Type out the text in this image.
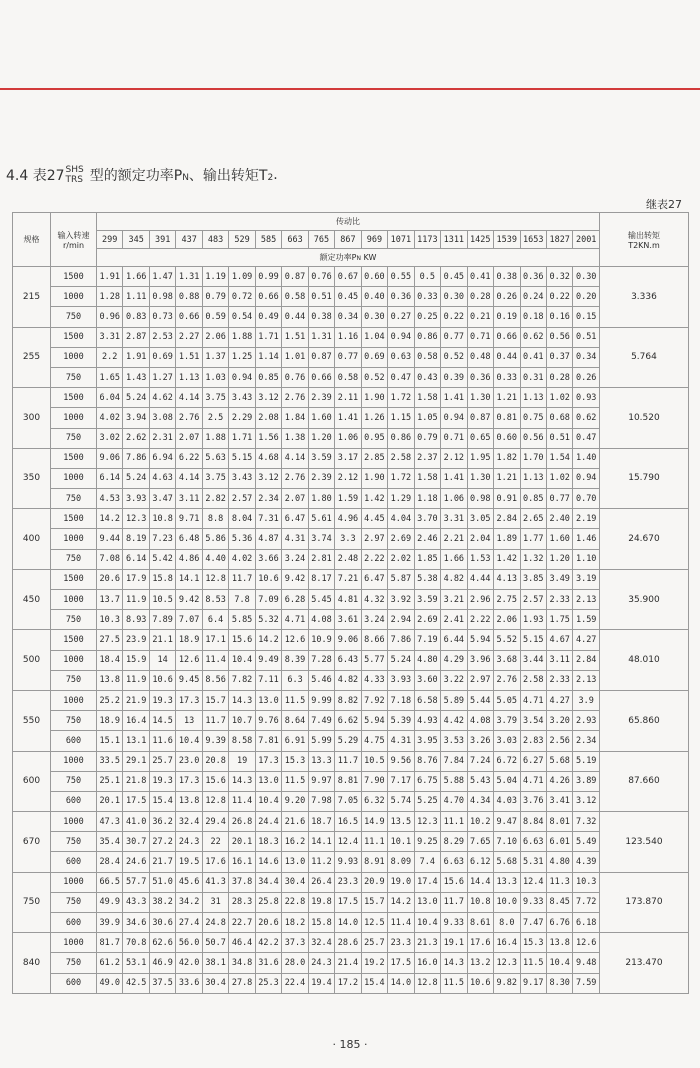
4.4 表27 SHS
TRS 型的额定功率P N 、输出转矩T 2 .
继表27
规格	输入转速
r/min	传动比																			输出转矩
T2KN.m
		299	345	391	437	483	529	585	663	765	867	969	1071	1173	1311	1425	1539	1653	1827	2001	
		额定功率PN KW																			
215	1500	1.91	1.66	1.47	1.31	1.19	1.09	0.99	0.87	0.76	0.67	0.60	0.55	0.5	0.45	0.41	0.38	0.36	0.32	0.30	3.336
	1000	1.28	1.11	0.98	0.88	0.79	0.72	0.66	0.58	0.51	0.45	0.40	0.36	0.33	0.30	0.28	0.26	0.24	0.22	0.20	
	750	0.96	0.83	0.73	0.66	0.59	0.54	0.49	0.44	0.38	0.34	0.30	0.27	0.25	0.22	0.21	0.19	0.18	0.16	0.15	
255	1500	3.31	2.87	2.53	2.27	2.06	1.88	1.71	1.51	1.31	1.16	1.04	0.94	0.86	0.77	0.71	0.66	0.62	0.56	0.51	5.764
	1000	2.2	1.91	0.69	1.51	1.37	1.25	1.14	1.01	0.87	0.77	0.69	0.63	0.58	0.52	0.48	0.44	0.41	0.37	0.34	
	750	1.65	1.43	1.27	1.13	1.03	0.94	0.85	0.76	0.66	0.58	0.52	0.47	0.43	0.39	0.36	0.33	0.31	0.28	0.26	
300	1500	6.04	5.24	4.62	4.14	3.75	3.43	3.12	2.76	2.39	2.11	1.90	1.72	1.58	1.41	1.30	1.21	1.13	1.02	0.93	10.520
	1000	4.02	3.94	3.08	2.76	2.5	2.29	2.08	1.84	1.60	1.41	1.26	1.15	1.05	0.94	0.87	0.81	0.75	0.68	0.62	
	750	3.02	2.62	2.31	2.07	1.88	1.71	1.56	1.38	1.20	1.06	0.95	0.86	0.79	0.71	0.65	0.60	0.56	0.51	0.47	
350	1500	9.06	7.86	6.94	6.22	5.63	5.15	4.68	4.14	3.59	3.17	2.85	2.58	2.37	2.12	1.95	1.82	1.70	1.54	1.40	15.790
	1000	6.14	5.24	4.63	4.14	3.75	3.43	3.12	2.76	2.39	2.12	1.90	1.72	1.58	1.41	1.30	1.21	1.13	1.02	0.94	
	750	4.53	3.93	3.47	3.11	2.82	2.57	2.34	2.07	1.80	1.59	1.42	1.29	1.18	1.06	0.98	0.91	0.85	0.77	0.70	
400	1500	14.2	12.3	10.8	9.71	8.8	8.04	7.31	6.47	5.61	4.96	4.45	4.04	3.70	3.31	3.05	2.84	2.65	2.40	2.19	24.670
	1000	9.44	8.19	7.23	6.48	5.86	5.36	4.87	4.31	3.74	3.3	2.97	2.69	2.46	2.21	2.04	1.89	1.77	1.60	1.46	
	750	7.08	6.14	5.42	4.86	4.40	4.02	3.66	3.24	2.81	2.48	2.22	2.02	1.85	1.66	1.53	1.42	1.32	1.20	1.10	
450	1500	20.6	17.9	15.8	14.1	12.8	11.7	10.6	9.42	8.17	7.21	6.47	5.87	5.38	4.82	4.44	4.13	3.85	3.49	3.19	35.900
	1000	13.7	11.9	10.5	9.42	8.53	7.8	7.09	6.28	5.45	4.81	4.32	3.92	3.59	3.21	2.96	2.75	2.57	2.33	2.13	
	750	10.3	8.93	7.89	7.07	6.4	5.85	5.32	4.71	4.08	3.61	3.24	2.94	2.69	2.41	2.22	2.06	1.93	1.75	1.59	
500	1500	27.5	23.9	21.1	18.9	17.1	15.6	14.2	12.6	10.9	9.06	8.66	7.86	7.19	6.44	5.94	5.52	5.15	4.67	4.27	48.010
	1000	18.4	15.9	14	12.6	11.4	10.4	9.49	8.39	7.28	6.43	5.77	5.24	4.80	4.29	3.96	3.68	3.44	3.11	2.84	
	750	13.8	11.9	10.6	9.45	8.56	7.82	7.11	6.3	5.46	4.82	4.33	3.93	3.60	3.22	2.97	2.76	2.58	2.33	2.13	
550	1000	25.2	21.9	19.3	17.3	15.7	14.3	13.0	11.5	9.99	8.82	7.92	7.18	6.58	5.89	5.44	5.05	4.71	4.27	3.9	65.860
	750	18.9	16.4	14.5	13	11.7	10.7	9.76	8.64	7.49	6.62	5.94	5.39	4.93	4.42	4.08	3.79	3.54	3.20	2.93	
	600	15.1	13.1	11.6	10.4	9.39	8.58	7.81	6.91	5.99	5.29	4.75	4.31	3.95	3.53	3.26	3.03	2.83	2.56	2.34	
600	1000	33.5	29.1	25.7	23.0	20.8	19	17.3	15.3	13.3	11.7	10.5	9.56	8.76	7.84	7.24	6.72	6.27	5.68	5.19	87.660
	750	25.1	21.8	19.3	17.3	15.6	14.3	13.0	11.5	9.97	8.81	7.90	7.17	6.75	5.88	5.43	5.04	4.71	4.26	3.89	
	600	20.1	17.5	15.4	13.8	12.8	11.4	10.4	9.20	7.98	7.05	6.32	5.74	5.25	4.70	4.34	4.03	3.76	3.41	3.12	
670	1000	47.3	41.0	36.2	32.4	29.4	26.8	24.4	21.6	18.7	16.5	14.9	13.5	12.3	11.1	10.2	9.47	8.84	8.01	7.32	123.540
	750	35.4	30.7	27.2	24.3	22	20.1	18.3	16.2	14.1	12.4	11.1	10.1	9.25	8.29	7.65	7.10	6.63	6.01	5.49	
	600	28.4	24.6	21.7	19.5	17.6	16.1	14.6	13.0	11.2	9.93	8.91	8.09	7.4	6.63	6.12	5.68	5.31	4.80	4.39	
750	1000	66.5	57.7	51.0	45.6	41.3	37.8	34.4	30.4	26.4	23.3	20.9	19.0	17.4	15.6	14.4	13.3	12.4	11.3	10.3	173.870
	750	49.9	43.3	38.2	34.2	31	28.3	25.8	22.8	19.8	17.5	15.7	14.2	13.0	11.7	10.8	10.0	9.33	8.45	7.72	
	600	39.9	34.6	30.6	27.4	24.8	22.7	20.6	18.2	15.8	14.0	12.5	11.4	10.4	9.33	8.61	8.0	7.47	6.76	6.18	
840	1000	81.7	70.8	62.6	56.0	50.7	46.4	42.2	37.3	32.4	28.6	25.7	23.3	21.3	19.1	17.6	16.4	15.3	13.8	12.6	213.470
	750	61.2	53.1	46.9	42.0	38.1	34.8	31.6	28.0	24.3	21.4	19.2	17.5	16.0	14.3	13.2	12.3	11.5	10.4	9.48	
	600	49.0	42.5	37.5	33.6	30.4	27.8	25.3	22.4	19.4	17.2	15.4	14.0	12.8	11.5	10.6	9.82	9.17	8.30	7.59	
· 185 ·
